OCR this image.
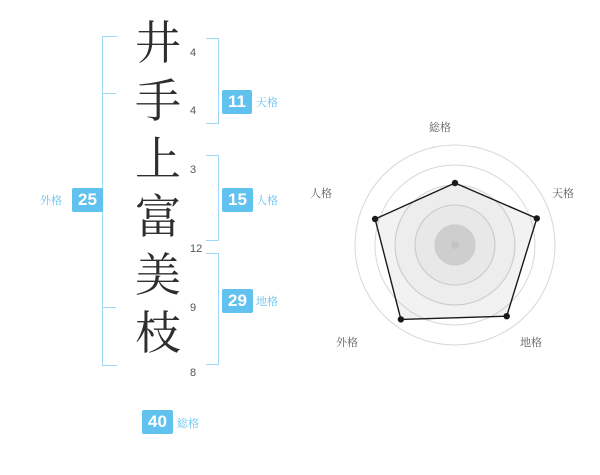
井
手
上
富
美
枝
4
4
3
12
9
8
外格 25
11 天格
15 人格
29 地格
40 総格
総格
天格
地格
外格
人格
